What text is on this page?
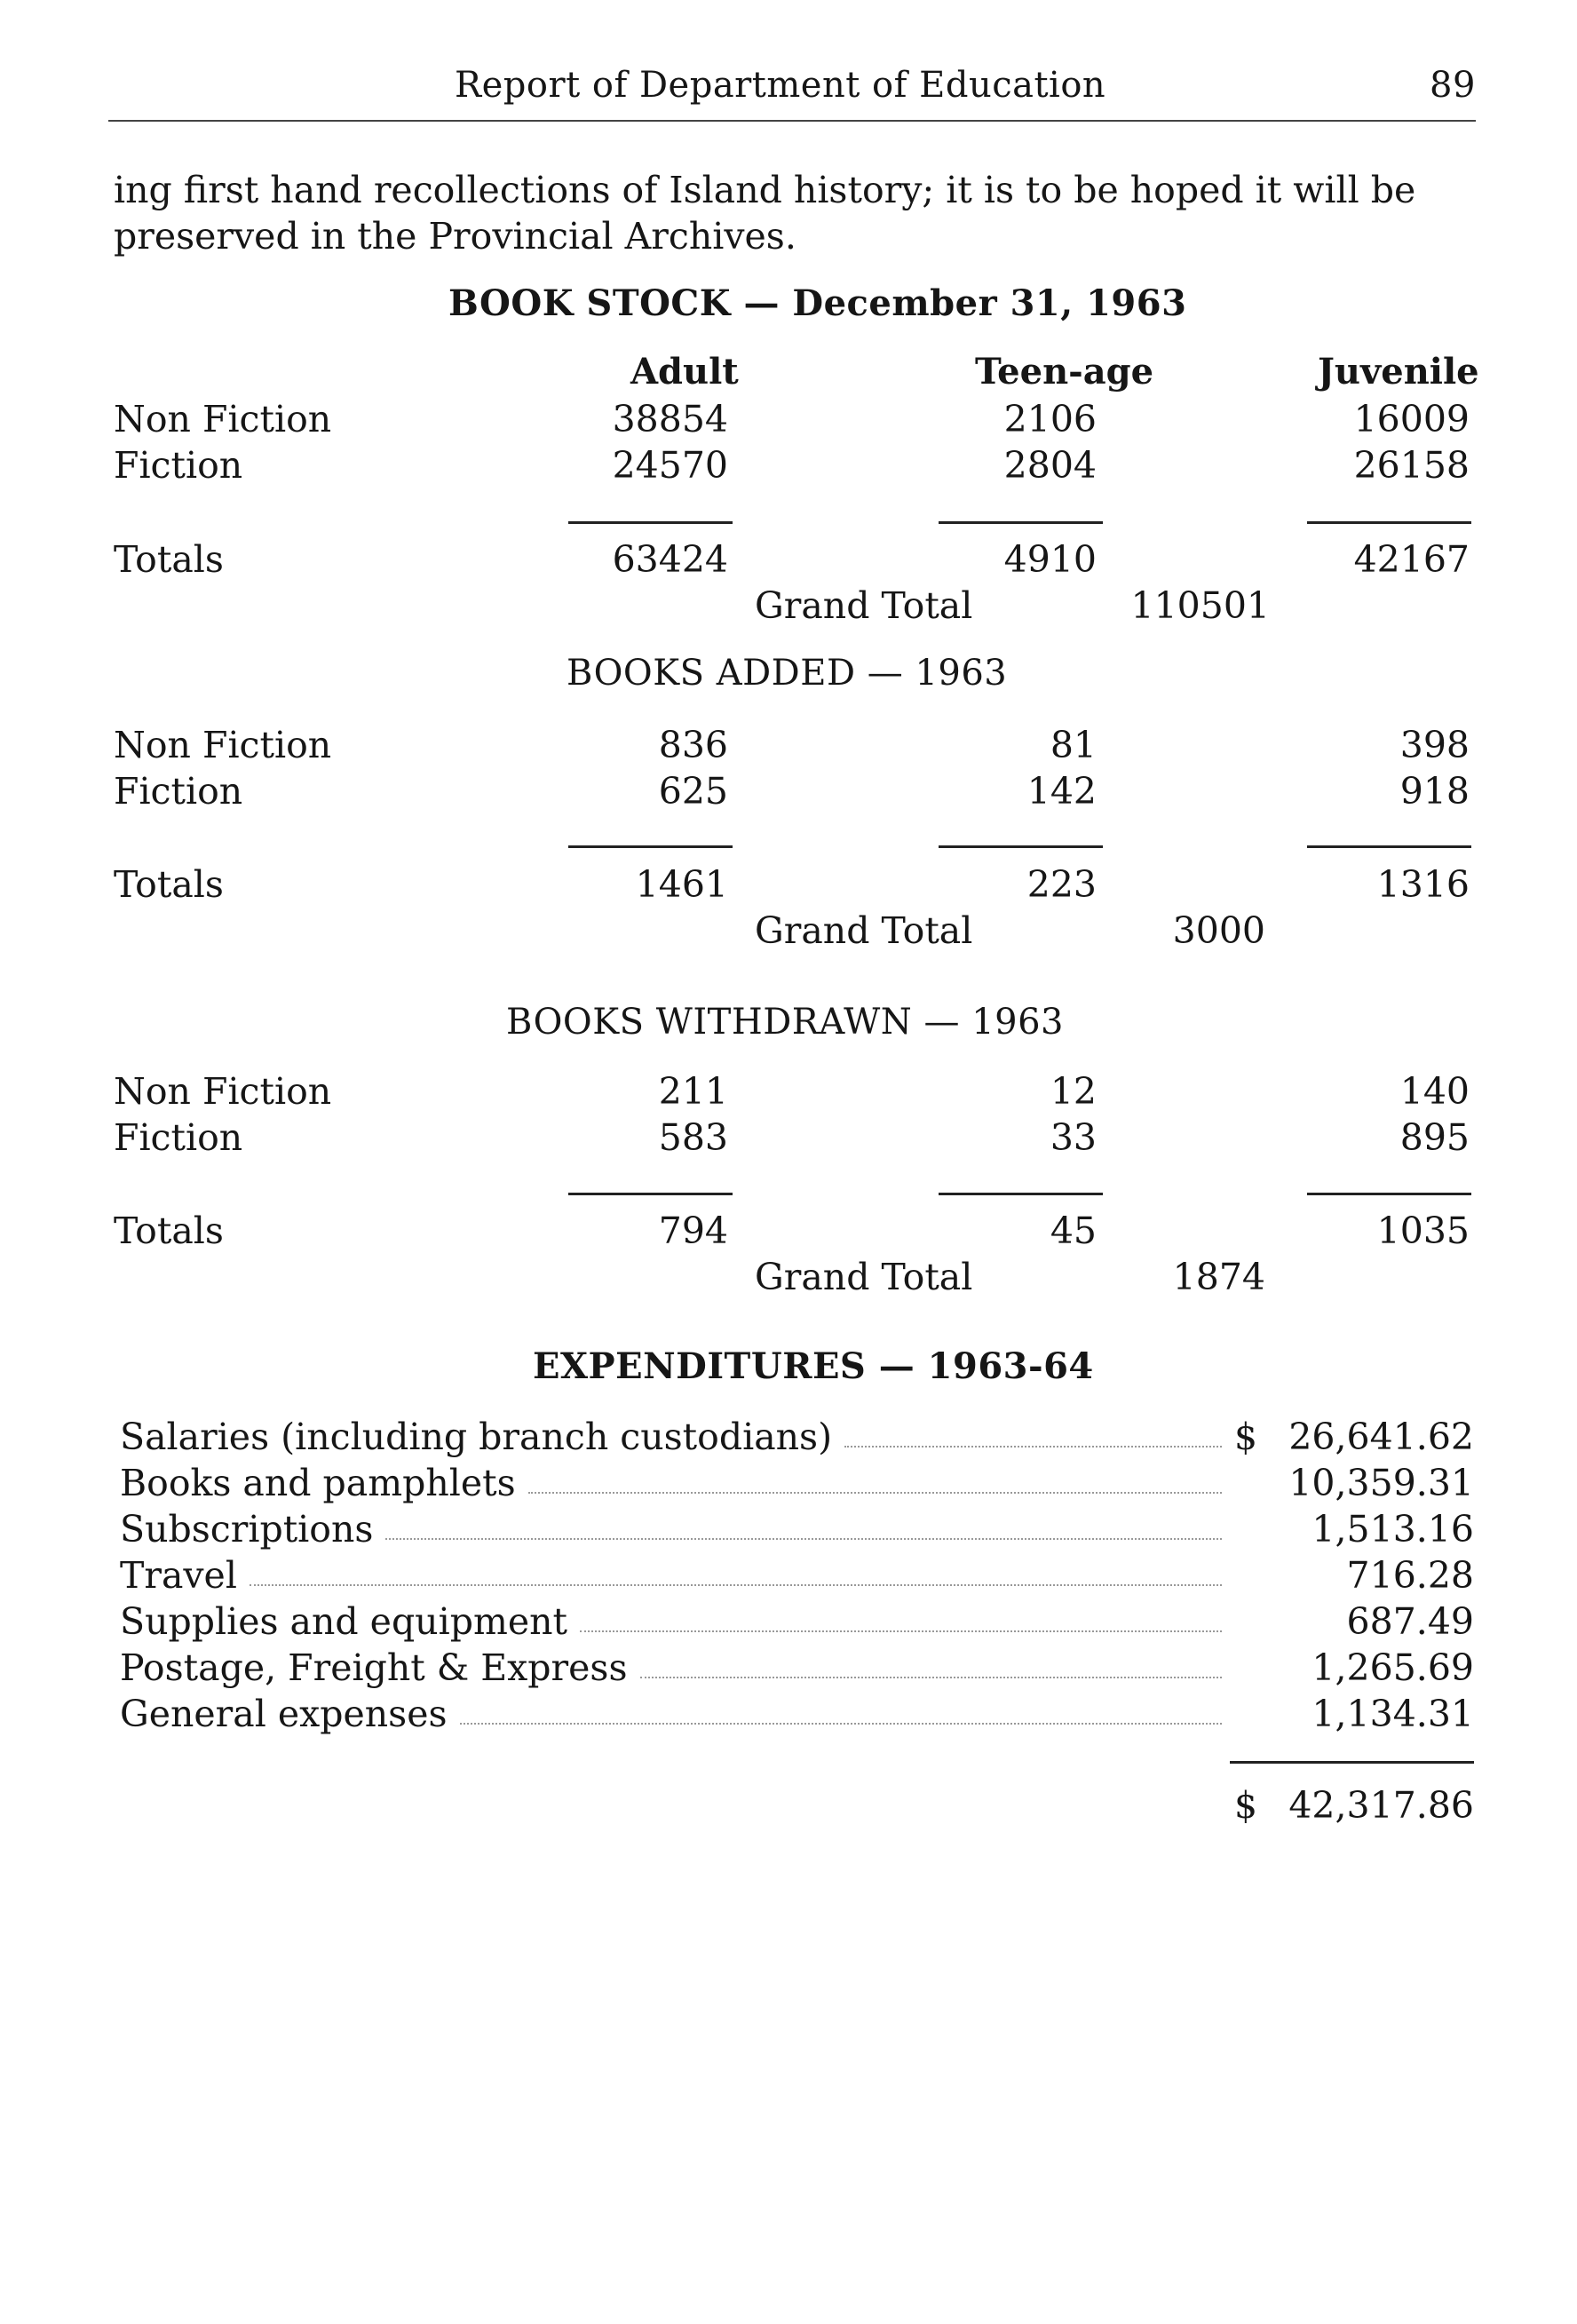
Report of Department of Education	89
ing first hand recollections of Island history; it is to be hoped it will be preserved in the Provincial Archives.
BOOK STOCK — December 31, 1963
Adult	Teen-age	Juvenile
Non Fiction	38854	2106	16009
Fiction	24570	2804	26158
Totals	63424	4910	42167
Grand Total	110501
BOOKS ADDED — 1963
Non Fiction	836	81	398
Fiction	625	142	918
Totals	1461	223	1316
Grand Total	3000
BOOKS WITHDRAWN — 1963
Non Fiction	211	12	140
Fiction	583	33	895
Totals	794	45	1035
Grand Total	1874
EXPENDITURES — 1963-64
Salaries (including branch custodians)	$ 26,641.62
Books and pamphlets	10,359.31
Subscriptions	1,513.16
Travel	716.28
Supplies and equipment	687.49
Postage, Freight & Express	1,265.69
General expenses	1,134.31
$ 42,317.86
